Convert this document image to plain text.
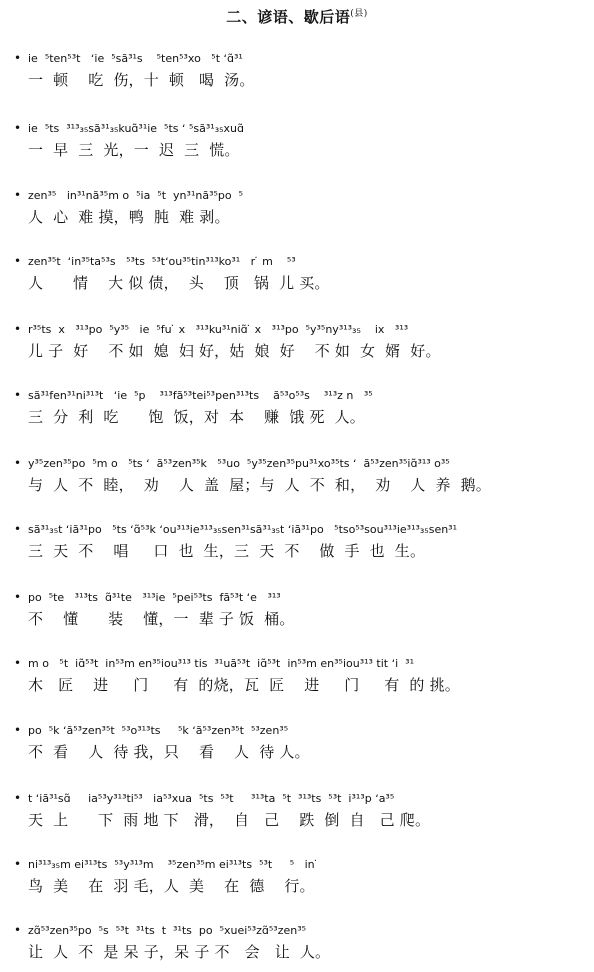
二、谚语、歇后语$^{(县)}$
• ie  ⁵ten⁵³t   ʻie  ⁵sã³¹s    ⁵ten⁵³xo   ⁵t ʻɑ̃³¹
一  顿    吃  伤，十  顿   喝  汤。
• ie  ⁵ts  ³¹³₃₅sã³¹₃₅kuɑ̃³¹ie  ⁵ts ʻ ⁵sã³¹₃₅xuɑ̃
一  早  三  光，一  迟  三  慌。
• zen³⁵   in³¹nã³⁵m o  ⁵ia  ⁵t  yn³¹nã³⁵po  ⁵
人  心  难 摸，鸭  肫  难 剥。
• zen³⁵t  ʻin³⁵ta⁵³s   ⁵³ts  ⁵³tʻou³⁵tin³¹³ko³¹   r ̇ m    ⁵³
人      情    大 似 债，  头    顶   锅  儿 买。
• r³⁵ts  x   ³¹³po  ⁵y³⁵   ie  ⁵fu ̇ x   ³¹³ku³¹niɑ̃ ̇ x   ³¹³po  ⁵y³⁵ny³¹³₃₅    ix   ³¹³
儿 子  好    不 如  媳  妇 好，姑  娘  好    不 如  女  婿  好。
• sã³¹fen³¹ni³¹³t   ʻie  ⁵p    ³¹³fã⁵³tei⁵³pen³¹³ts    ã⁵³o⁵³s    ³¹³z n   ³⁵
三  分  利  吃      饱  饭，对  本    赚  饿 死  人。
• y³⁵zen³⁵po  ⁵m o   ⁵ts ʻ  ã⁵³zen³⁵k   ⁵³uo  ⁵y³⁵zen³⁵pu³¹xo³⁵ts ʻ  ã⁵³zen³⁵iɑ̃³¹³ o³⁵
与  人  不  睦，  劝    人  盖  屋；与  人  不  和，  劝    人  养  鹅。
• sã³¹₃₅t ʻiã³¹po   ⁵ts ʻɑ̃⁵³k ʻou³¹³ie³¹³₃₅sen³¹sã³¹₃₅t ʻiã³¹po   ⁵tso⁵³sou³¹³ie³¹³₃₅sen³¹
三  天  不    唱     口  也  生，三  天  不    做  手  也  生。
• po  ⁵te   ³¹³ts  ɑ̃³¹te   ³¹³ie  ⁵pei⁵³ts  fã⁵³t ʻe   ³¹³
不    懂      装    懂，一  辈 子 饭  桶。
• m o   ⁵t  iɑ̃⁵³t  in⁵³m en³⁵iou³¹³ tis  ³¹uã⁵³t  iɑ̃⁵³t  in⁵³m en³⁵iou³¹³ tit ʻi  ³¹
木   匠    进     门     有  的烧，瓦  匠    进     门     有  的 挑。
• po  ⁵k ʻã⁵³zen³⁵t  ⁵³o³¹³ts     ⁵k ʻã⁵³zen³⁵t  ⁵³zen³⁵
不  看    人  待 我，只    看    人  待 人。
• t ʻiã³¹sɑ̃     ia⁵³y³¹³ti⁵³   ia⁵³xua  ⁵ts  ⁵³t     ³¹³ta  ⁵t  ³¹³ts  ⁵³t  i³¹³p ʻa³⁵
天  上      下  雨 地 下   滑，  自   己    跌  倒  自   己 爬。
• ni³¹³₃₅m ei³¹³ts  ⁵³y³¹³m    ³⁵zen³⁵m ei³¹³ts  ⁵³t     ⁵   in ̇
鸟  美    在  羽 毛，人  美    在  德    行。
• zɑ̃⁵³zen³⁵po  ⁵s  ⁵³t  ³¹ts  t  ³¹ts  po  ⁵xuei⁵³zɑ̃⁵³zen³⁵
让  人  不  是 呆 子，呆 子 不   会   让  人。
